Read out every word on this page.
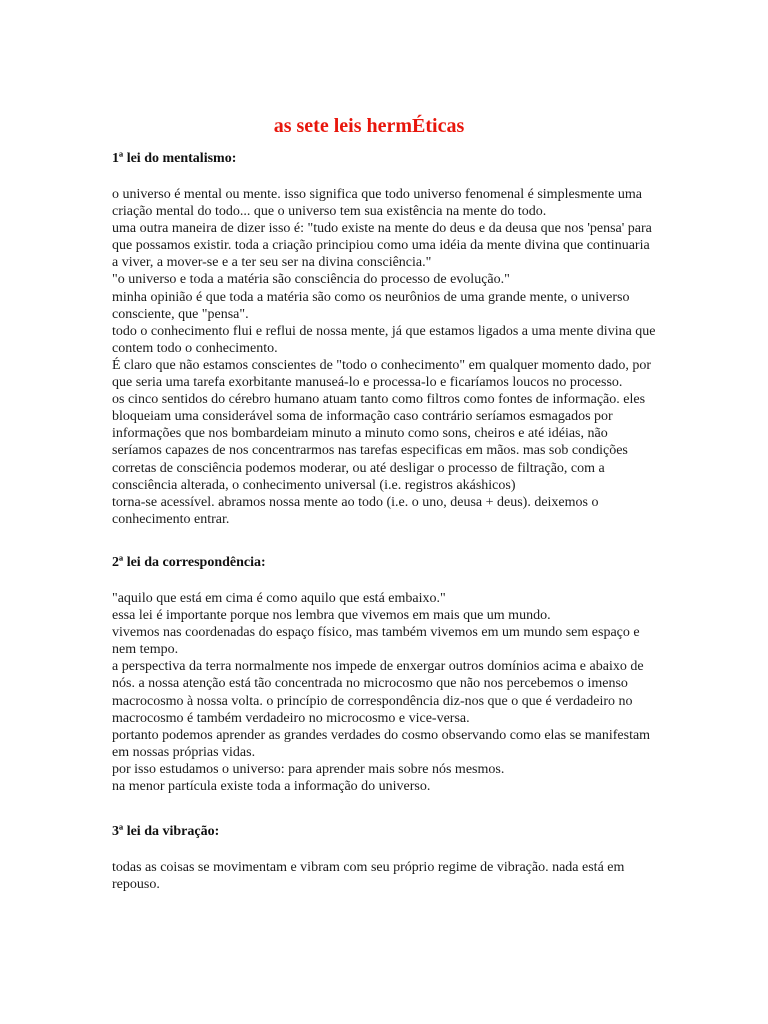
as sete leis hermÉticas

1ª lei do mentalismo:

o universo é mental ou mente. isso significa que todo universo fenomenal é simplesmente uma

criação mental do todo... que o universo tem sua existência na mente do todo.

uma outra maneira de dizer isso é: "tudo existe na mente do deus e da deusa que nos 'pensa' para

que possamos existir. toda a criação principiou como uma idéia da mente divina que continuaria

a viver, a mover-se e a ter seu ser na divina consciência."

"o universo e toda a matéria são consciência do processo de evolução."

minha opinião é que toda a matéria são como os neurônios de uma grande mente, o universo

consciente, que "pensa".

todo o conhecimento flui e reflui de nossa mente, já que estamos ligados a uma mente divina que

contem todo o conhecimento.

É claro que não estamos conscientes de "todo o conhecimento" em qualquer momento dado, por

que seria uma tarefa exorbitante manuseá-lo e processa-lo e ficaríamos loucos no processo.

os cinco sentidos do cérebro humano atuam tanto como filtros como fontes de informação. eles

bloqueiam uma considerável soma de informação caso contrário seríamos esmagados por

informações que nos bombardeiam minuto a minuto como sons, cheiros e até idéias, não

seríamos capazes de nos concentrarmos nas tarefas especificas em mãos. mas sob condições

corretas de consciência podemos moderar, ou até desligar o processo de filtração, com a

consciência alterada, o conhecimento universal (i.e. registros akáshicos)

torna-se acessível. abramos nossa mente ao todo (i.e. o uno, deusa + deus). deixemos o

conhecimento entrar.

2ª lei da correspondência:

"aquilo que está em cima é como aquilo que está embaixo."

essa lei é importante porque nos lembra que vivemos em mais que um mundo.

vivemos nas coordenadas do espaço físico, mas também vivemos em um mundo sem espaço e

nem tempo.

a perspectiva da terra normalmente nos impede de enxergar outros domínios acima e abaixo de

nós. a nossa atenção está tão concentrada no microcosmo que não nos percebemos o imenso

macrocosmo à nossa volta. o princípio de correspondência diz-nos que o que é verdadeiro no

macrocosmo é também verdadeiro no microcosmo e vice-versa.

portanto podemos aprender as grandes verdades do cosmo observando como elas se manifestam

em nossas próprias vidas.

por isso estudamos o universo: para aprender mais sobre nós mesmos.

na menor partícula existe toda a informação do universo.

3ª lei da vibração:

todas as coisas se movimentam e vibram com seu próprio regime de vibração. nada está em

repouso.
